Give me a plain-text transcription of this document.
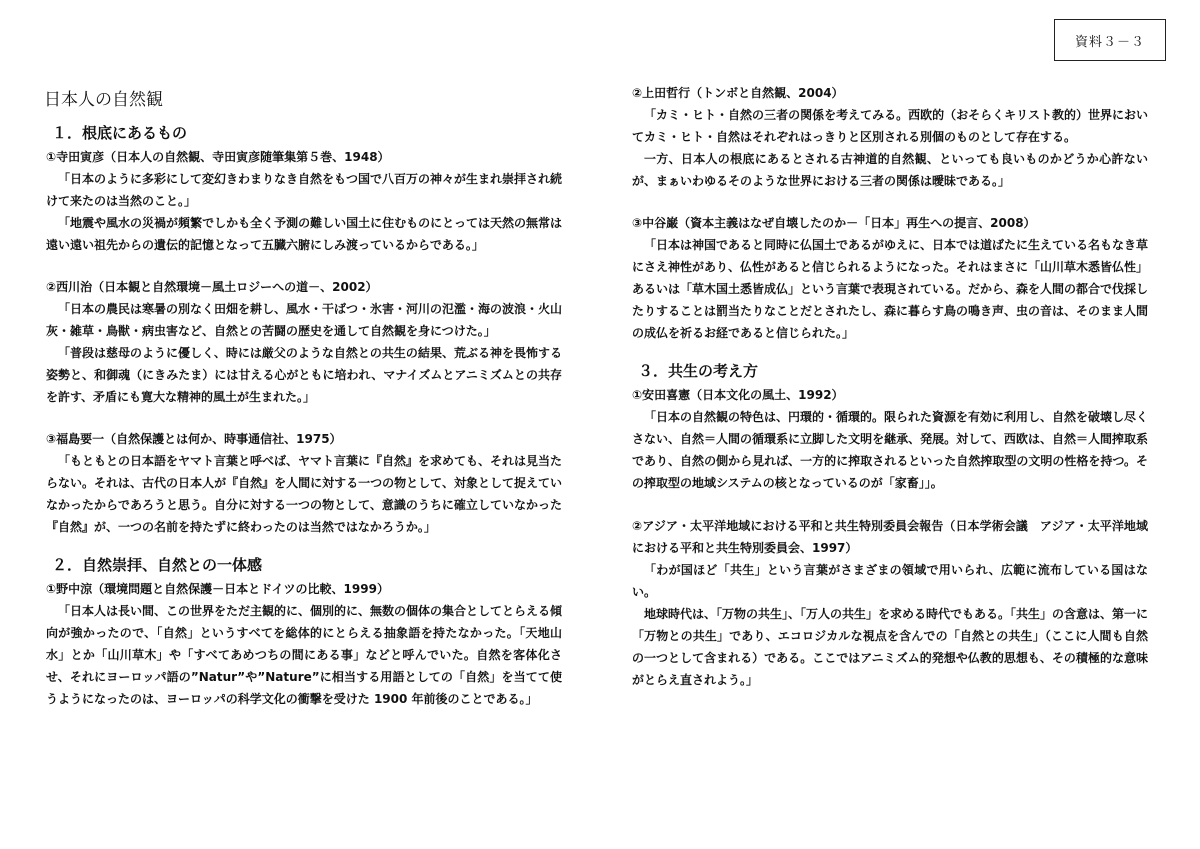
資料３－３
日本人の自然観
１．根底にあるもの
①寺田寅彦（日本人の自然観、寺田寅彦随筆集第５巻、1948）

「日本のように多彩にして変幻きわまりなき自然をもつ国で八百万の神々が生まれ崇拝され続けて来たのは当然のこと。」

「地震や風水の災禍が頻繁でしかも全く予測の難しい国土に住むものにとっては天然の無常は遠い遠い祖先からの遺伝的記憶となって五臓六腑にしみ渡っているからである。」

②西川治（日本観と自然環境－風土ロジーへの道－、2002）

「日本の農民は寒暑の別なく田畑を耕し、風水・干ばつ・氷害・河川の氾濫・海の波浪・火山灰・雑草・鳥獣・病虫害など、自然との苦闘の歴史を通して自然観を身につけた。」

「普段は慈母のように優しく、時には厳父のような自然との共生の結果、荒ぶる神を畏怖する姿勢と、和御魂（にきみたま）には甘える心がともに培われ、マナイズムとアニミズムとの共存を許す、矛盾にも寛大な精神的風土が生まれた。」

③福島要一（自然保護とは何か、時事通信社、1975）

「もともとの日本語をヤマト言葉と呼べば、ヤマト言葉に『自然』を求めても、それは見当たらない。それは、古代の日本人が『自然』を人間に対する一つの物として、対象として捉えていなかったからであろうと思う。自分に対する一つの物として、意識のうちに確立していなかった『自然』が、一つの名前を持たずに終わったのは当然ではなかろうか。」

２．自然崇拝、自然との一体感
①野中涼（環境問題と自然保護－日本とドイツの比較、1999）

「日本人は長い間、この世界をただ主観的に、個別的に、無数の個体の集合としてとらえる傾向が強かったので、「自然」というすべてを総体的にとらえる抽象語を持たなかった。「天地山水」とか「山川草木」や「すべてあめつちの間にある事」などと呼んでいた。自然を客体化させ、それにヨーロッパ語の”Natur”や”Nature”に相当する用語としての「自然」を当てて使うようになったのは、ヨーロッパの科学文化の衝撃を受けた 1900 年前後のことである。」

②上田哲行（トンボと自然観、2004）

「カミ・ヒト・自然の三者の関係を考えてみる。西欧的（おそらくキリスト教的）世界においてカミ・ヒト・自然はそれぞれはっきりと区別される別個のものとして存在する。

一方、日本人の根底にあるとされる古神道的自然観、といっても良いものかどうか心許ないが、まぁいわゆるそのような世界における三者の関係は曖昧である。」

③中谷巌（資本主義はなぜ自壊したのか－「日本」再生への提言、2008）

「日本は神国であると同時に仏国土であるがゆえに、日本では道ばたに生えている名もなき草にさえ神性があり、仏性があると信じられるようになった。それはまさに「山川草木悉皆仏性」あるいは「草木国土悉皆成仏」という言葉で表現されている。だから、森を人間の都合で伐採したりすることは罰当たりなことだとされたし、森に暮らす鳥の鳴き声、虫の音は、そのまま人間の成仏を祈るお経であると信じられた。」

３．共生の考え方
①安田喜憲（日本文化の風土、1992）

「日本の自然観の特色は、円環的・循環的。限られた資源を有効に利用し、自然を破壊し尽くさない、自然＝人間の循環系に立脚した文明を継承、発展。対して、西欧は、自然＝人間搾取系であり、自然の側から見れば、一方的に搾取されるといった自然搾取型の文明の性格を持つ。その搾取型の地域システムの核となっているのが「家畜」」。

②アジア・太平洋地域における平和と共生特別委員会報告（日本学術会議　アジア・太平洋地域における平和と共生特別委員会、1997）

「わが国ほど「共生」という言葉がさまざまの領域で用いられ、広範に流布している国はない。

地球時代は、「万物の共生」、「万人の共生」を求める時代でもある。「共生」の含意は、第一に「万物との共生」であり、エコロジカルな視点を含んでの「自然との共生」（ここに人間も自然の一つとして含まれる）である。ここではアニミズム的発想や仏教的思想も、その積極的な意味がとらえ直されよう。」
